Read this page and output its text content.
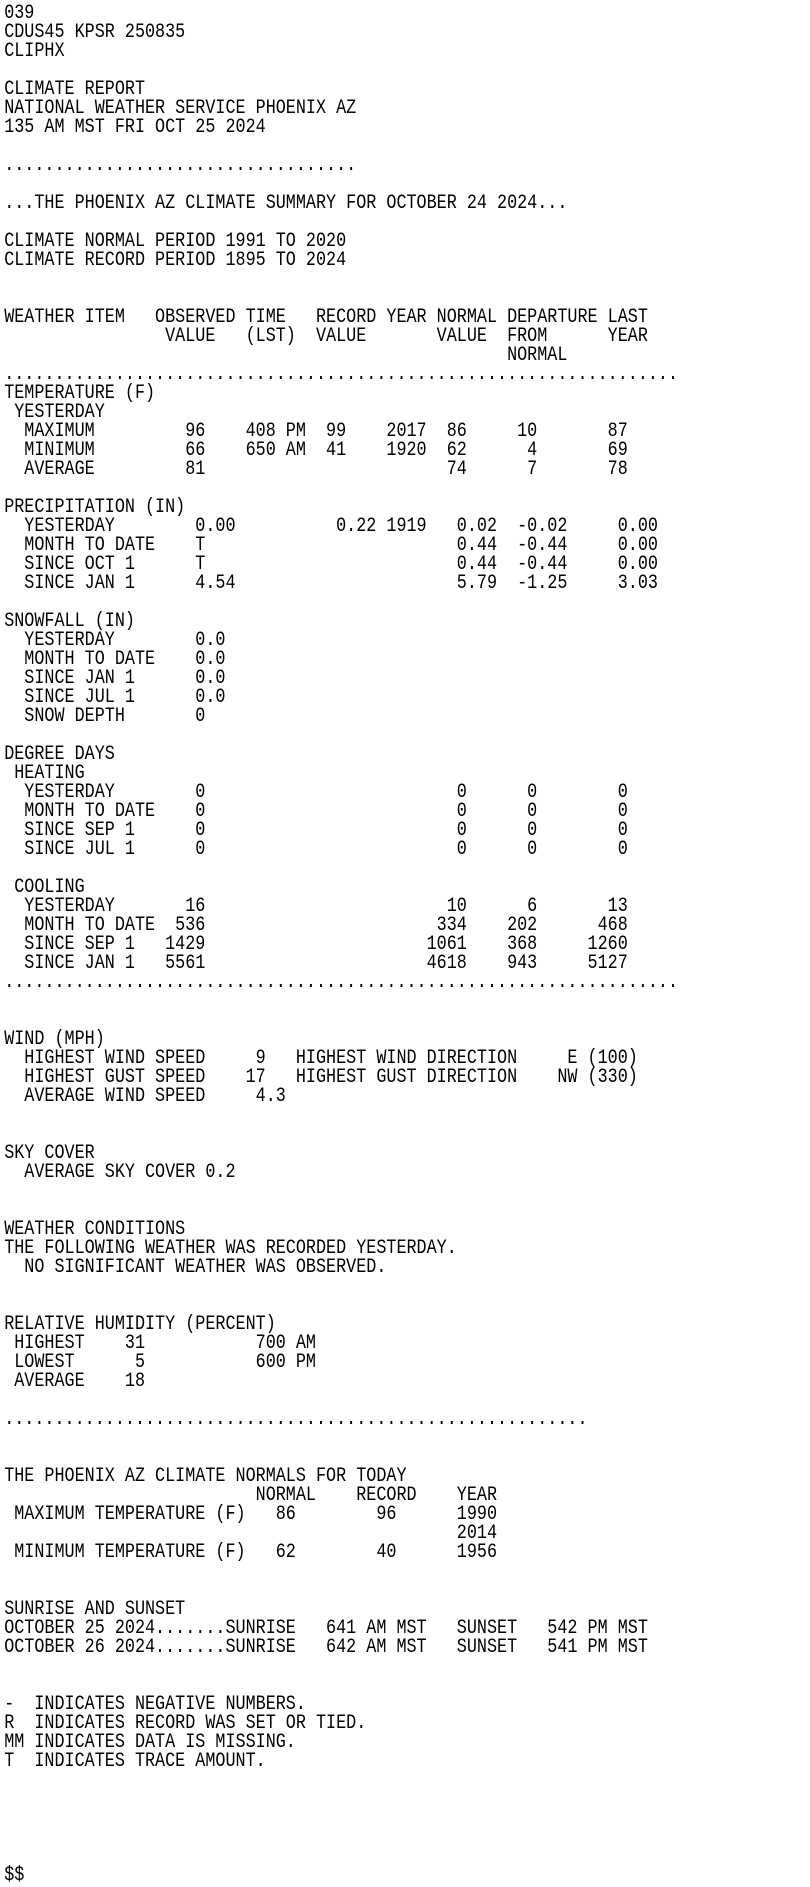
039
CDUS45 KPSR 250835
CLIPHX

CLIMATE REPORT
NATIONAL WEATHER SERVICE PHOENIX AZ
135 AM MST FRI OCT 25 2024

...................................

...THE PHOENIX AZ CLIMATE SUMMARY FOR OCTOBER 24 2024...

CLIMATE NORMAL PERIOD 1991 TO 2020
CLIMATE RECORD PERIOD 1895 TO 2024

WEATHER ITEM   OBSERVED TIME   RECORD YEAR NORMAL DEPARTURE LAST
VALUE   (LST)  VALUE       VALUE  FROM      YEAR
NORMAL
...................................................................
TEMPERATURE (F)
YESTERDAY
MAXIMUM         96    408 PM  99    2017  86     10       87
MINIMUM         66    650 AM  41    1920  62      4       69
AVERAGE         81                        74      7       78

PRECIPITATION (IN)
YESTERDAY        0.00          0.22 1919   0.02  -0.02     0.00
MONTH TO DATE    T                         0.44  -0.44     0.00
SINCE OCT 1      T                         0.44  -0.44     0.00
SINCE JAN 1      4.54                      5.79  -1.25     3.03

SNOWFALL (IN)
YESTERDAY        0.0
MONTH TO DATE    0.0
SINCE JAN 1      0.0
SINCE JUL 1      0.0
SNOW DEPTH       0

DEGREE DAYS
HEATING
YESTERDAY        0                         0      0        0
MONTH TO DATE    0                         0      0        0
SINCE SEP 1      0                         0      0        0
SINCE JUL 1      0                         0      0        0

COOLING
YESTERDAY       16                        10      6       13
MONTH TO DATE  536                       334    202      468
SINCE SEP 1   1429                      1061    368     1260
SINCE JAN 1   5561                      4618    943     5127
...................................................................

WIND (MPH)
HIGHEST WIND SPEED     9   HIGHEST WIND DIRECTION     E (100)
HIGHEST GUST SPEED    17   HIGHEST GUST DIRECTION    NW (330)
AVERAGE WIND SPEED     4.3

SKY COVER
AVERAGE SKY COVER 0.2

WEATHER CONDITIONS
THE FOLLOWING WEATHER WAS RECORDED YESTERDAY.
NO SIGNIFICANT WEATHER WAS OBSERVED.

RELATIVE HUMIDITY (PERCENT)
HIGHEST    31           700 AM
LOWEST      5           600 PM
AVERAGE    18

..........................................................

THE PHOENIX AZ CLIMATE NORMALS FOR TODAY
NORMAL    RECORD    YEAR
MAXIMUM TEMPERATURE (F)   86        96      1990
2014
MINIMUM TEMPERATURE (F)   62        40      1956

SUNRISE AND SUNSET
OCTOBER 25 2024.......SUNRISE   641 AM MST   SUNSET   542 PM MST
OCTOBER 26 2024.......SUNRISE   642 AM MST   SUNSET   541 PM MST

-  INDICATES NEGATIVE NUMBERS.
R  INDICATES RECORD WAS SET OR TIED.
MM INDICATES DATA IS MISSING.
T  INDICATES TRACE AMOUNT.

$$
